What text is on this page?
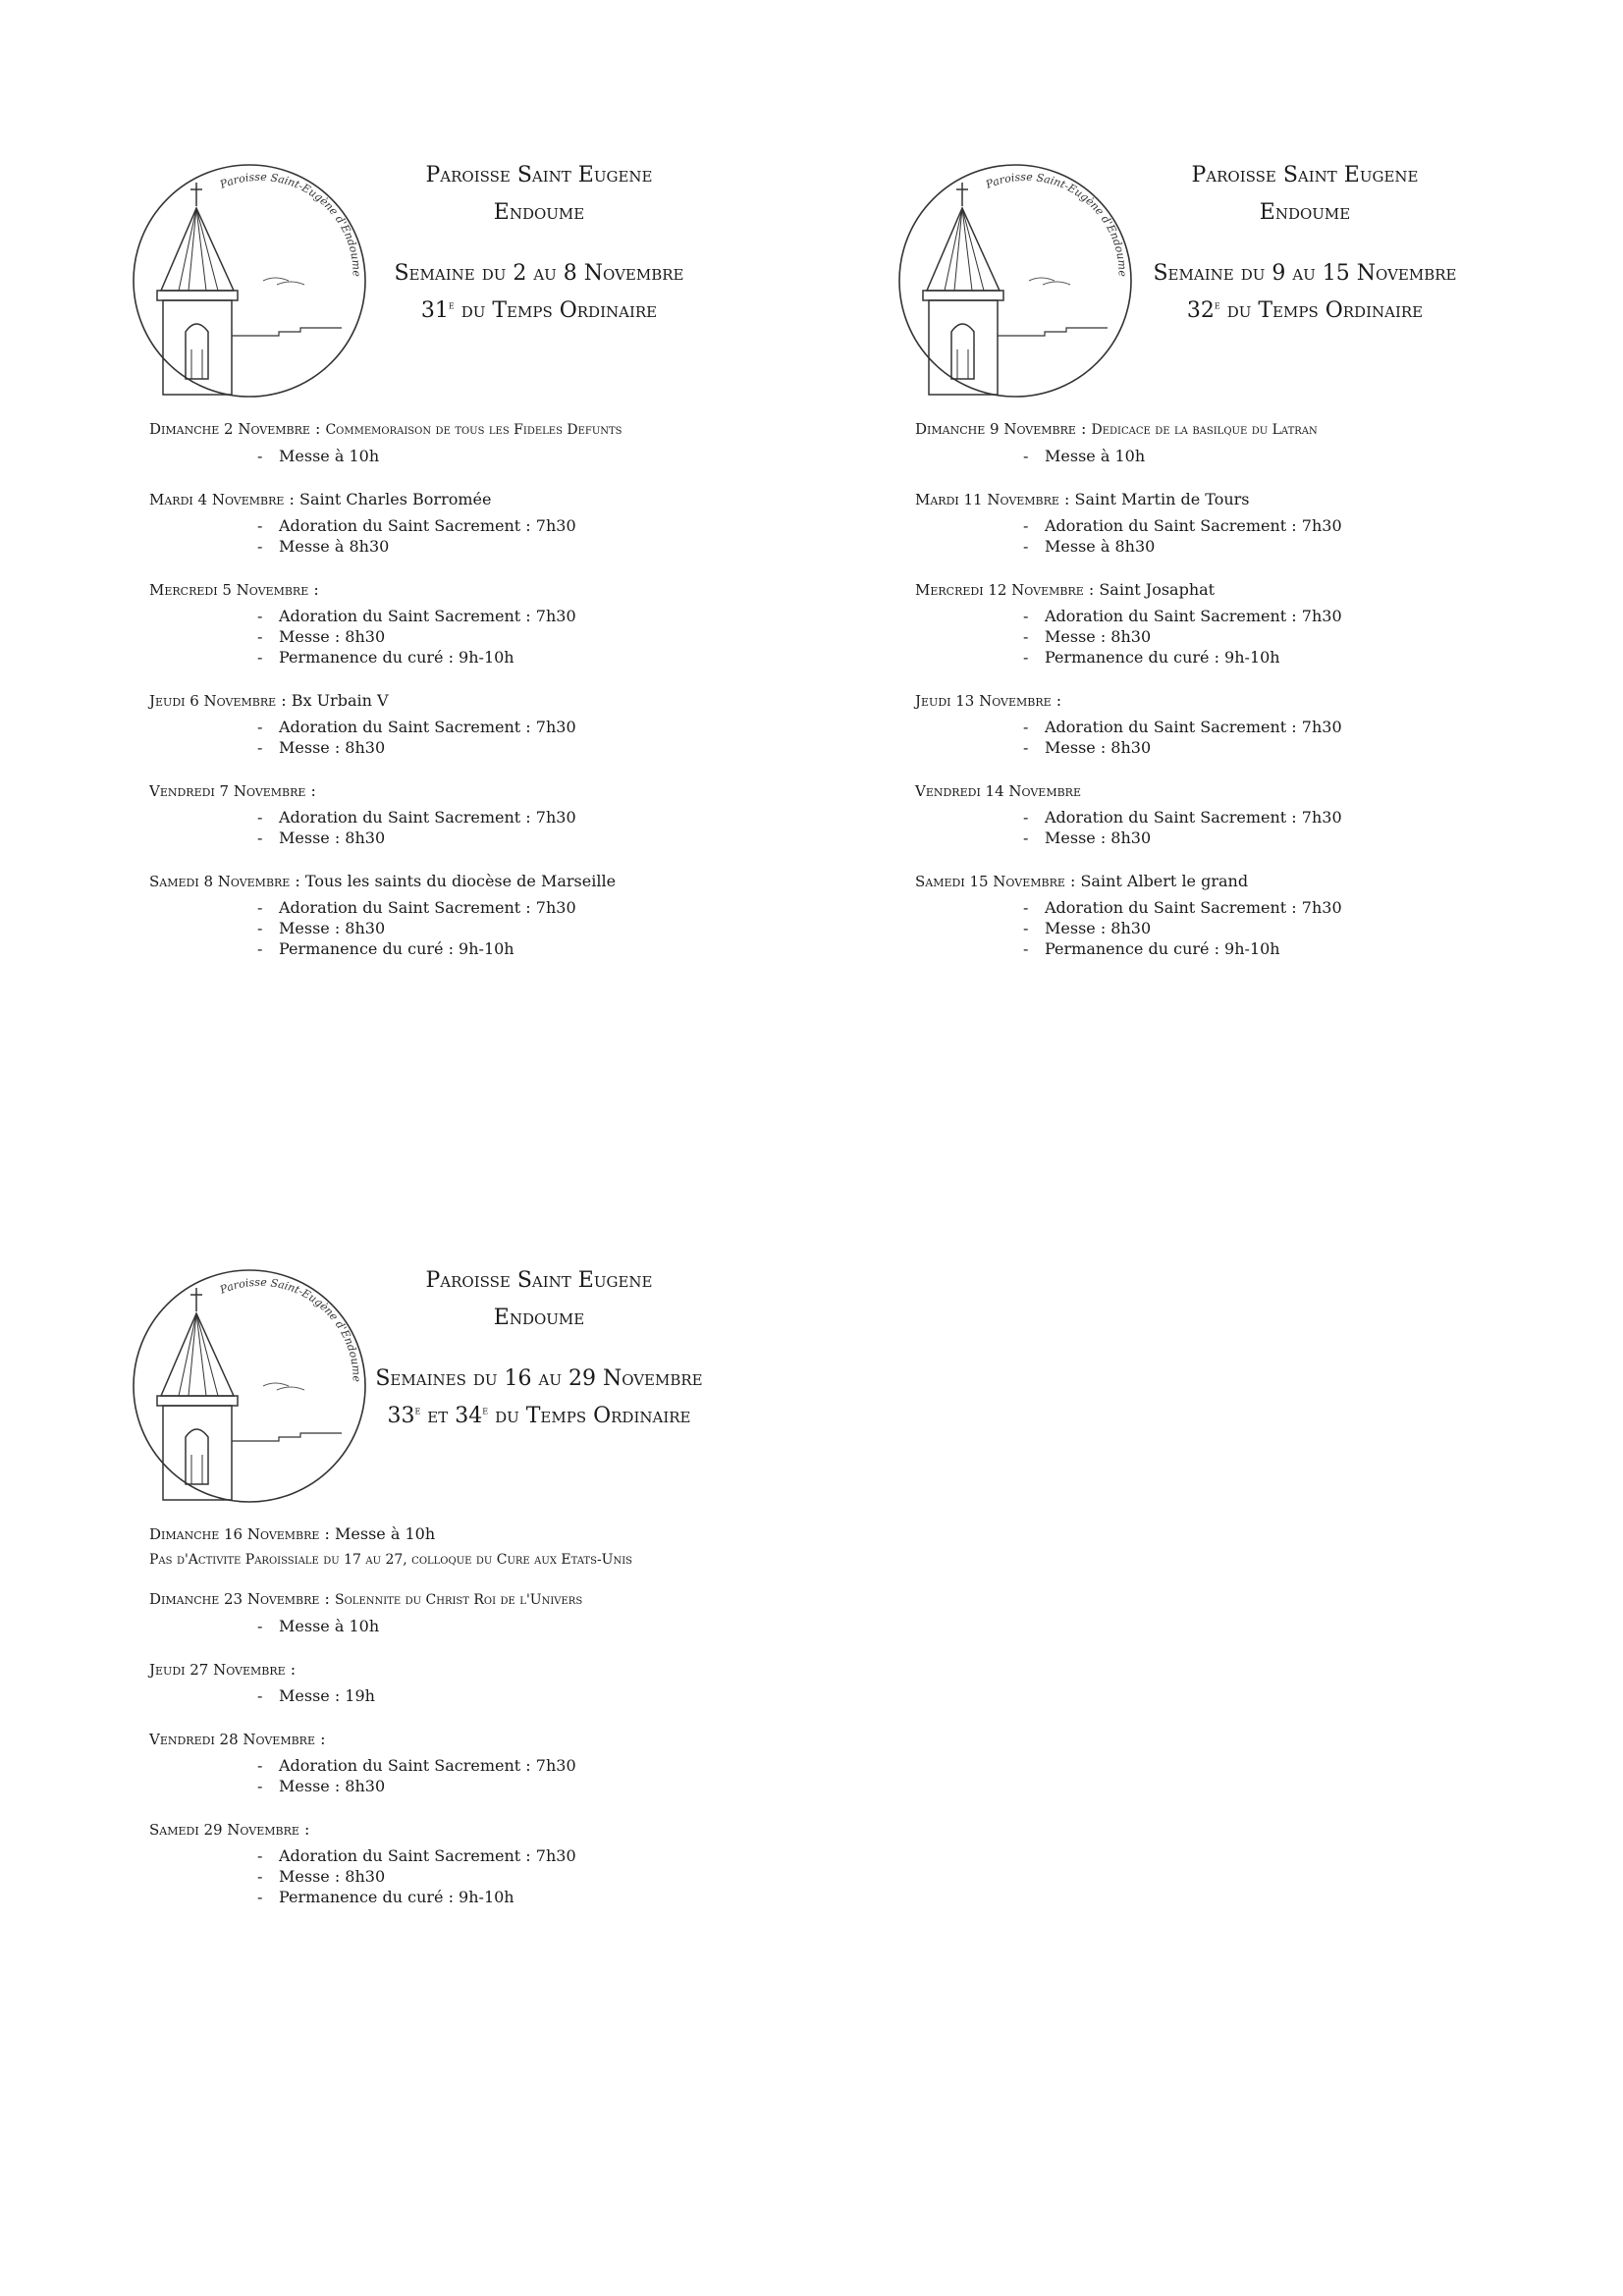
Paroisse Saint-Eugène d'Endoume
Paroisse Saint Eugene
Endoume
Semaine du 2 au 8 Novembre
31e du Temps Ordinaire
Dimanche 2 Novembre : Commemoraison de tous les Fideles Defunts
- Messe à 10h
Mardi 4 Novembre : Saint Charles Borromée
- Adoration du Saint Sacrement : 7h30
- Messe à 8h30
Mercredi 5 Novembre :
- Adoration du Saint Sacrement : 7h30
- Messe : 8h30
- Permanence du curé : 9h-10h
Jeudi 6 Novembre : Bx Urbain V
- Adoration du Saint Sacrement : 7h30
- Messe : 8h30
Vendredi 7 Novembre :
- Adoration du Saint Sacrement : 7h30
- Messe : 8h30
Samedi 8 Novembre : Tous les saints du diocèse de Marseille
- Adoration du Saint Sacrement : 7h30
- Messe : 8h30
- Permanence du curé : 9h-10h
Paroisse Saint-Eugène d'Endoume
Paroisse Saint Eugene
Endoume
Semaine du 9 au 15 Novembre
32e du Temps Ordinaire
Dimanche 9 Novembre : Dedicace de la basilque du Latran
- Messe à 10h
Mardi 11 Novembre : Saint Martin de Tours
- Adoration du Saint Sacrement : 7h30
- Messe à 8h30
Mercredi 12 Novembre : Saint Josaphat
- Adoration du Saint Sacrement : 7h30
- Messe : 8h30
- Permanence du curé : 9h-10h
Jeudi 13 Novembre :
- Adoration du Saint Sacrement : 7h30
- Messe : 8h30
Vendredi 14 Novembre
- Adoration du Saint Sacrement : 7h30
- Messe : 8h30
Samedi 15 Novembre : Saint Albert le grand
- Adoration du Saint Sacrement : 7h30
- Messe : 8h30
- Permanence du curé : 9h-10h
Paroisse Saint-Eugène d'Endoume
Paroisse Saint Eugene
Endoume
Semaines du 16 au 29 Novembre
33e et 34e du Temps Ordinaire
Dimanche 16 Novembre : Messe à 10h
Pas d'Activite Paroissiale du 17 au 27, colloque du Cure aux Etats-Unis
Dimanche 23 Novembre : Solennite du Christ Roi de l'Univers
- Messe à 10h
Jeudi 27 Novembre :
- Messe : 19h
Vendredi 28 Novembre :
- Adoration du Saint Sacrement : 7h30
- Messe : 8h30
Samedi 29 Novembre :
- Adoration du Saint Sacrement : 7h30
- Messe : 8h30
- Permanence du curé : 9h-10h
